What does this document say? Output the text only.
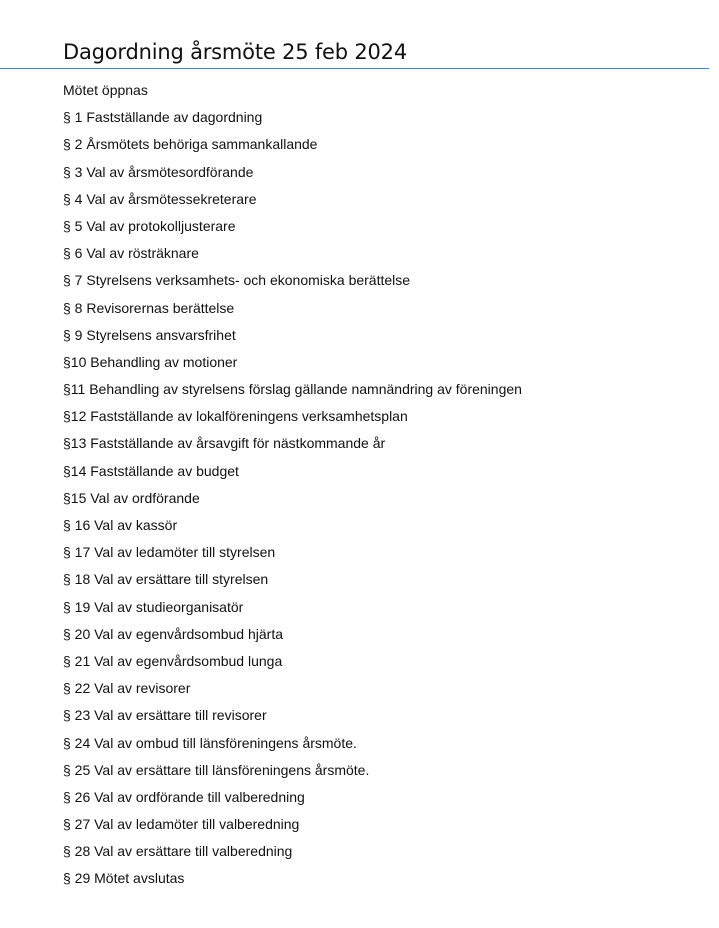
Dagordning årsmöte 25 feb 2024
Mötet öppnas
§ 1 Fastställande av dagordning
§ 2 Årsmötets behöriga sammankallande
§ 3 Val av årsmötesordförande
§ 4 Val av årsmötessekreterare
§ 5 Val av protokolljusterare
§ 6 Val av rösträknare
§ 7 Styrelsens verksamhets- och ekonomiska berättelse
§ 8 Revisorernas berättelse
§ 9 Styrelsens ansvarsfrihet
§10 Behandling av motioner
§11 Behandling av styrelsens förslag gällande namnändring av föreningen
§12 Fastställande av lokalföreningens verksamhetsplan
§13 Fastställande av årsavgift för nästkommande år
§14 Fastställande av budget
§15 Val av ordförande
§ 16 Val av kassör
§ 17 Val av ledamöter till styrelsen
§ 18 Val av ersättare till styrelsen
§ 19 Val av studieorganisatör
§ 20 Val av egenvårdsombud hjärta
§ 21 Val av egenvårdsombud lunga
§ 22 Val av revisorer
§ 23 Val av ersättare till revisorer
§ 24 Val av ombud till länsföreningens årsmöte.
§ 25 Val av ersättare till länsföreningens årsmöte.
§ 26 Val av ordförande till valberedning
§ 27 Val av ledamöter till valberedning
§ 28 Val av ersättare till valberedning
§ 29 Mötet avslutas
